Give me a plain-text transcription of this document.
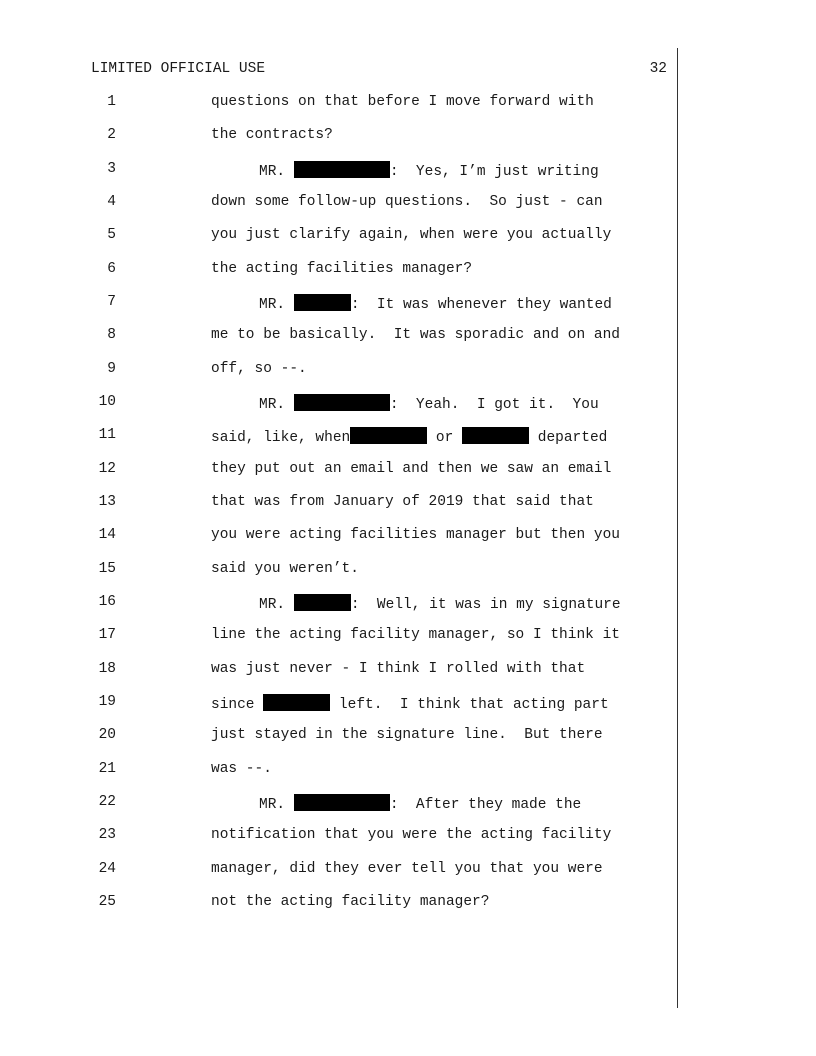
LIMITED OFFICIAL USE	32
1	questions on that before I move forward with
2	the contracts?
3	MR.	:  Yes, I’m just writing
4	down some follow-up questions.  So just - can
5	you just clarify again, when were you actually
6	the acting facilities manager?
7	MR.	:  It was whenever they wanted
8	me to be basically.  It was sporadic and on and
9	off, so --.
10	MR.	:  Yeah.  I got it.  You
11	said, like, when	or	departed
12	they put out an email and then we saw an email
13	that was from January of 2019 that said that
14	you were acting facilities manager but then you
15	said you weren’t.
16	MR.	:  Well, it was in my signature
17	line the acting facility manager, so I think it
18	was just never - I think I rolled with that
19	since	left.  I think that acting part
20	just stayed in the signature line.  But there
21	was --.
22	MR.	:  After they made the
23	notification that you were the acting facility
24	manager, did they ever tell you that you were
25	not the acting facility manager?
